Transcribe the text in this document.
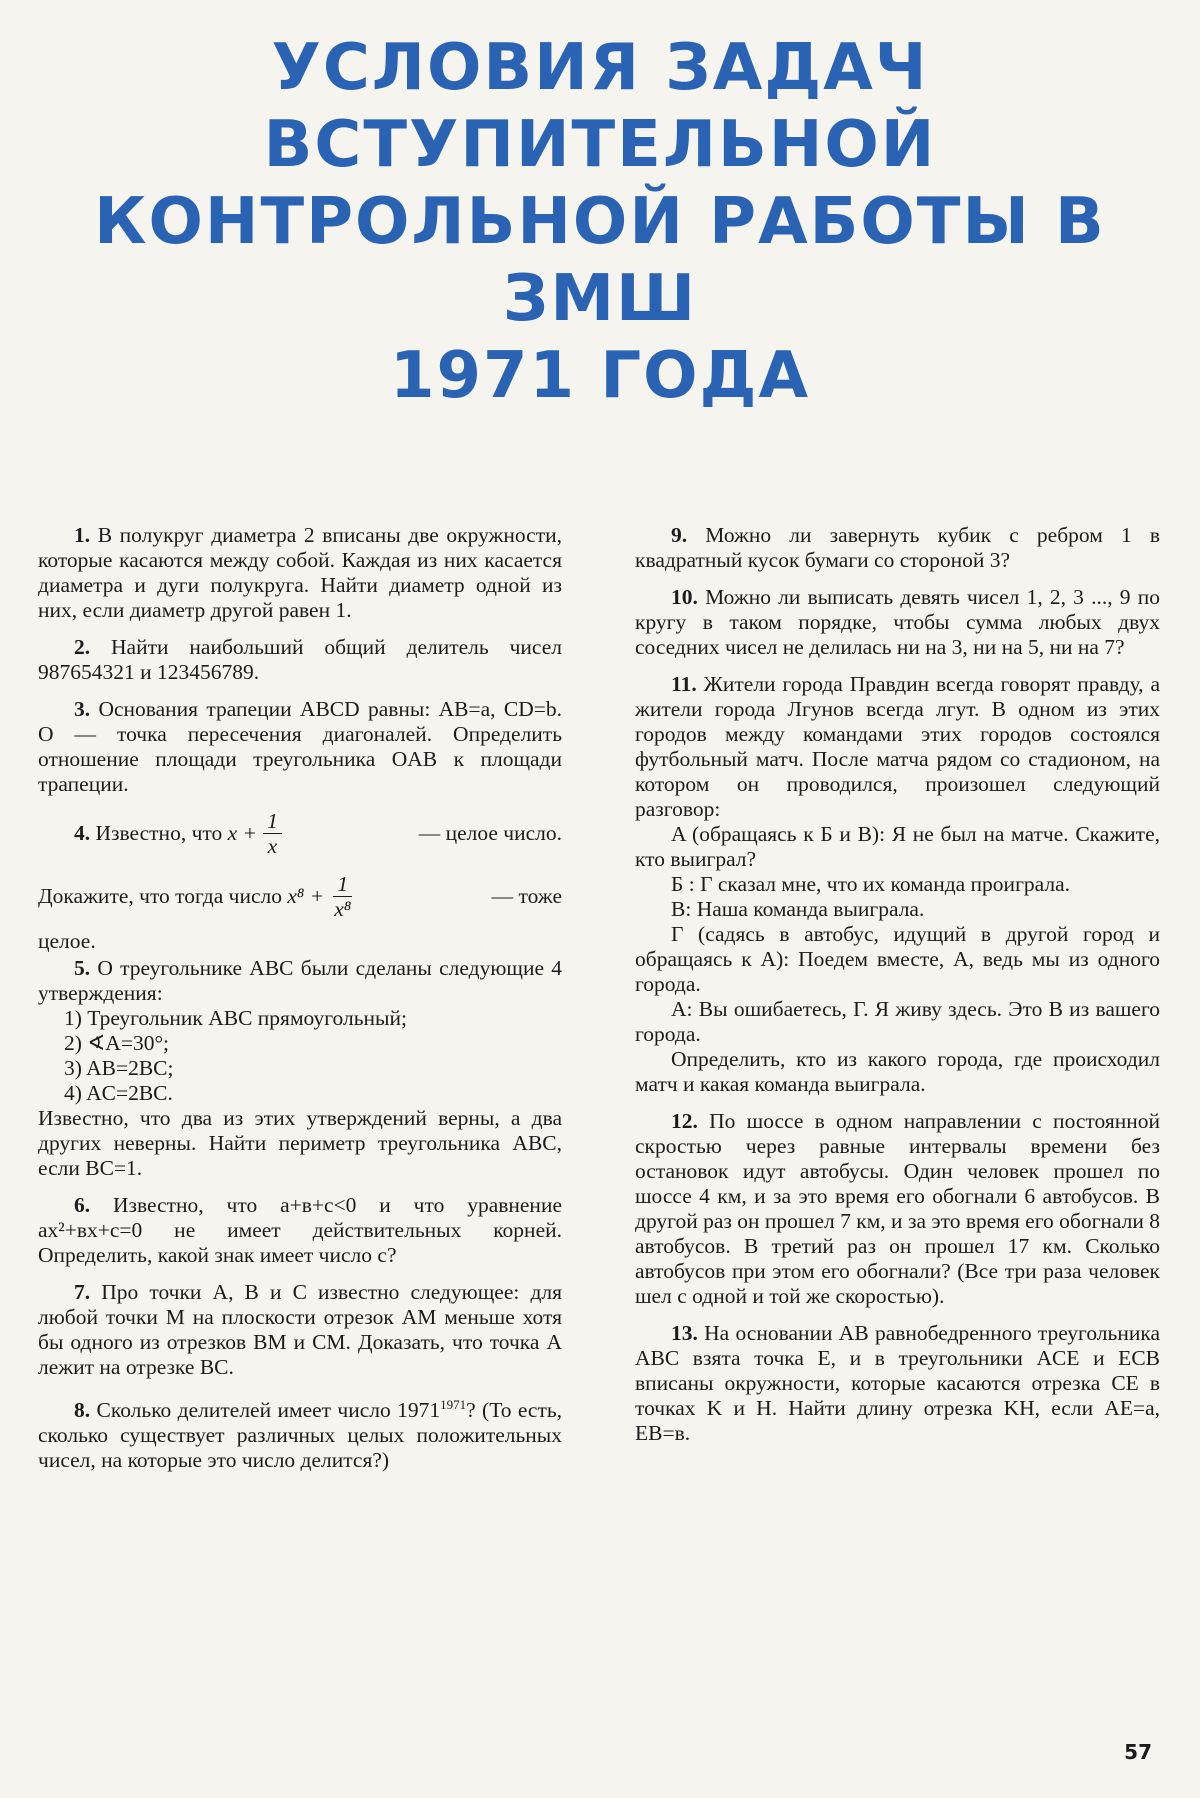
УСЛОВИЯ ЗАДАЧ
ВСТУПИТЕЛЬНОЙ
КОНТРОЛЬНОЙ РАБОТЫ В ЗМШ
1971 ГОДА

1. В полукруг диаметра 2 вписаны две окружности, которые касаются между собой. Каждая из них касается диаметра и дуги полукруга. Найти диаметр одной из них, если диаметр другой равен 1.

2. Найти наибольший общий делитель чисел 987654321 и 123456789.

3. Основания трапеции ABCD равны: AB=a, CD=b. O — точка пересечения диагоналей. Определить отношение площади треугольника OAB к площади трапеции.

4.
Известно, что
$x + \frac{1}{x}$	— целое число.
Докажите, что тогда число
$x^8 + \frac{1}{\text{x⁸}}$	— тоже

целое.

5. О треугольнике ABC были сделаны следующие 4 утверждения:

1) Треугольник ABC прямоугольный;
2) ∢A=30°;
3) AB=2BC;
4) AC=2BC.

Известно, что два из этих утверждений верны, а два других неверны. Найти периметр треугольника ABC, если BC=1.

6. Известно, что a+в+c<0 и что уравнение ax²+вx+c=0 не имеет действительных корней. Определить, какой знак имеет число c?

7. Про точки A, B и C известно следующее: для любой точки M на плоскости отрезок AM меньше хотя бы одного из отрезков BM и CM. Доказать, что точка A лежит на отрезке BC.

8. Сколько делителей имеет число $1971^{1971}$? (То есть, сколько существует различных целых положительных чисел, на которые это число делится?)

9. Можно ли завернуть кубик с ребром 1 в квадратный кусок бумаги со стороной 3?

10. Можно ли выписать девять чисел 1, 2, 3 ..., 9 по кругу в таком порядке, чтобы сумма любых двух соседних чисел не делилась ни на 3, ни на 5, ни на 7?

11. Жители города Правдин всегда говорят правду, а жители города Лгунов всегда лгут. В одном из этих городов между командами этих городов состоялся футбольный матч. После матча рядом со стадионом, на котором он проводился, произошел следующий разговор:

A (обращаясь к Б и В): Я не был на матче. Скажите, кто выиграл?

Б : Г сказал мне, что их команда проиграла.

В: Наша команда выиграла.

Г (садясь в автобус, идущий в другой город и обращаясь к A): Поедем вместе, A, ведь мы из одного города.

A: Вы ошибаетесь, Г. Я живу здесь. Это В из вашего города.

Определить, кто из какого города, где происходил матч и какая команда выиграла.

12. По шоссе в одном направлении с постоянной скростью через равные интервалы времени без остановок идут автобусы. Один человек прошел по шоссе 4 км, и за это время его обогнали 6 автобусов. В другой раз он прошел 7 км, и за это время его обогнали 8 автобусов. В третий раз он прошел 17 км. Сколько автобусов при этом его обогнали? (Все три раза человек шел с одной и той же скоростью).

13. На основании AB равнобедренного треугольника ABC взята точка E, и в треугольники ACE и ECB вписаны окружности, которые касаются отрезка CE в точках K и H. Найти длину отрезка KH, если AE=a, EB=в.

57
